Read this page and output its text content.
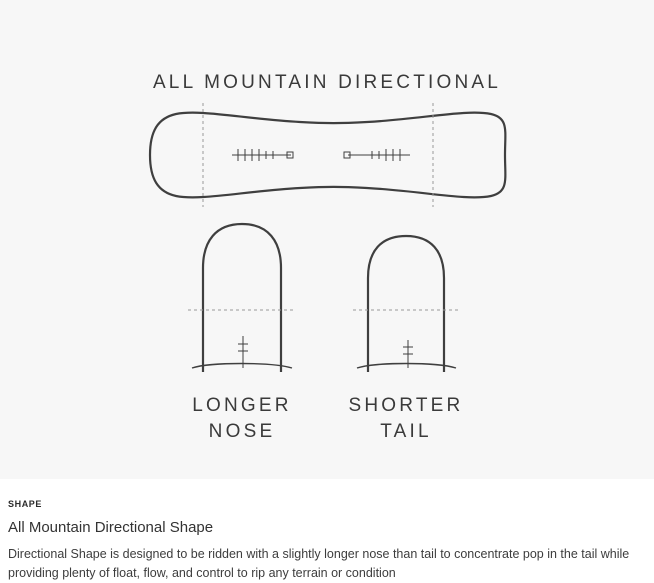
ALL MOUNTAIN DIRECTIONAL
LONGER
NOSE
SHORTER
TAIL
SHAPE
All Mountain Directional Shape
Directional Shape is designed to be ridden with a slightly longer nose than tail to concentrate pop in the tail while providing plenty of float, flow, and control to rip any terrain or condition
